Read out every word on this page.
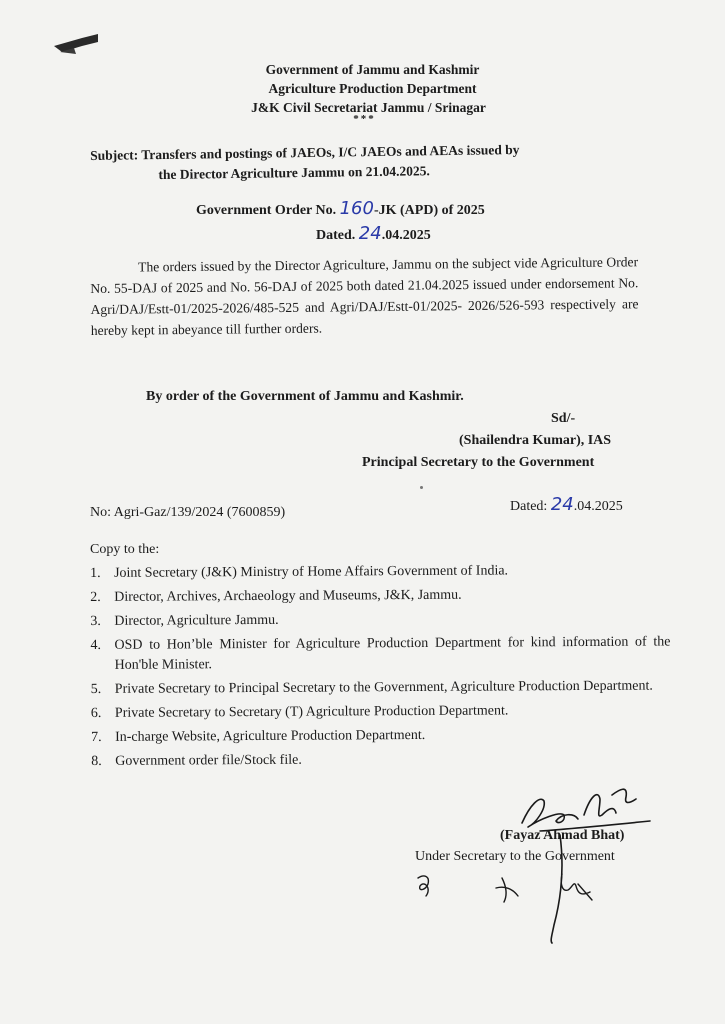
Government of Jammu and Kashmir
Agriculture Production Department
J&K Civil Secretariat Jammu / Srinagar
***
Subject: Transfers and postings of JAEOs, I/C JAEOs and AEAs issued by
the Director Agriculture Jammu on 21.04.2025.
Government Order No. 160-JK (APD) of 2025
Dated. 24.04.2025
The orders issued by the Director Agriculture, Jammu on the subject vide Agriculture Order No. 55-DAJ of 2025 and No. 56-DAJ of 2025 both dated 21.04.2025 issued under endorsement No. Agri/DAJ/Estt-01/2025-2026/485-525 and Agri/DAJ/Estt-01/2025- 2026/526-593 respectively are hereby kept in abeyance till further orders.
By order of the Government of Jammu and Kashmir.
Sd/-
(Shailendra Kumar), IAS
Principal Secretary to the Government
No: Agri-Gaz/139/2024 (7600859)	Dated: 24.04.2025
Copy to the:
1. Joint Secretary (J&K) Ministry of Home Affairs Government of India.
2. Director, Archives, Archaeology and Museums, J&K, Jammu.
3. Director, Agriculture Jammu.
4. OSD to Hon’ble Minister for Agriculture Production Department for kind information of the Hon'ble Minister.
5. Private Secretary to Principal Secretary to the Government, Agriculture Production Department.
6. Private Secretary to Secretary (T) Agriculture Production Department.
7. In-charge Website, Agriculture Production Department.
8. Government order file/Stock file.
(Fayaz Ahmad Bhat)
Under Secretary to the Government
